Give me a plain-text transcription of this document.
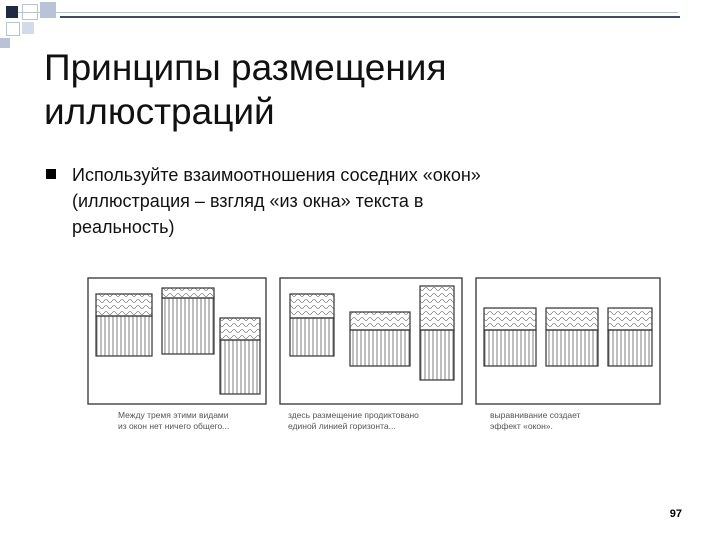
Принципы размещения
иллюстраций
Используйте взаимоотношения соседних «окон»
(иллюстрация – взгляд «из окна» текста в
реальность)
Между тремя этими видами
из окон нет ничего общего...
здесь размещение продиктовано
единой линией горизонта...
выравнивание создает
эффект «окон».
97
